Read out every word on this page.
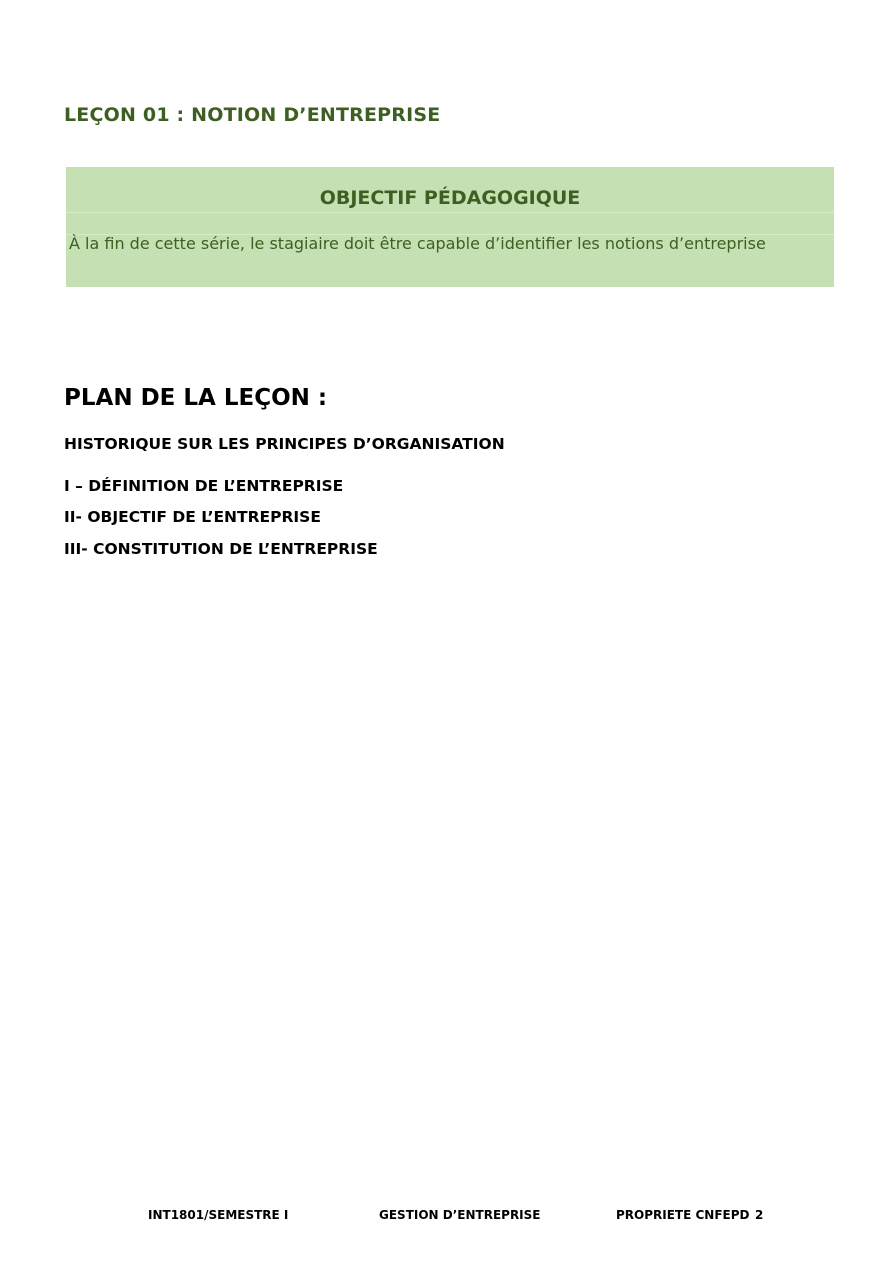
LEÇON 01 : NOTION D’ENTREPRISE
OBJECTIF PÉDAGOGIQUE
À la fin de cette série, le stagiaire doit être capable d’identifier les notions d’entreprise
PLAN DE LA LEÇON :

HISTORIQUE SUR LES PRINCIPES D’ORGANISATION

I – DÉFINITION DE L’ENTREPRISE

II- OBJECTIF DE L’ENTREPRISE

III- CONSTITUTION DE L’ENTREPRISE

INT1801/SEMESTRE I	GESTION D’ENTREPRISE	PROPRIETE CNFEPD 2
